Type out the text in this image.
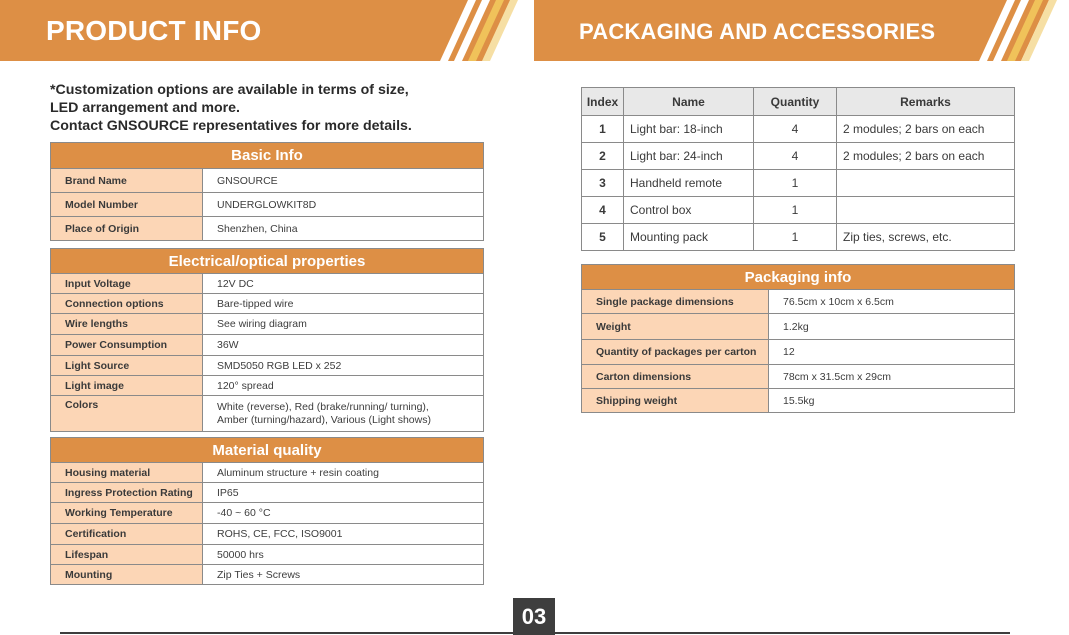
PRODUCT INFO	PACKAGING AND ACCESSORIES
*Customization options are available in terms of size,
LED arrangement and more.
Contact GNSOURCE representatives for more details.
Basic Info	
Brand Name	GNSOURCE
Model Number	UNDERGLOWKIT8D
Place of Origin	Shenzhen, China
Electrical/optical properties	
Input Voltage	12V DC
Connection options	Bare-tipped wire
Wire lengths	See wiring diagram
Power Consumption	36W
Light Source	SMD5050 RGB LED x 252
Light image	120° spread
Colors	White (reverse), Red (brake/running/ turning),
Amber (turning/hazard), Various (Light shows)
Material quality	
Housing material	Aluminum structure + resin coating
Ingress Protection Rating	IP65
Working Temperature	-40 ~ 60 °C
Certification	ROHS, CE, FCC, ISO9001
Lifespan	50000 hrs
Mounting	Zip Ties + Screws
Index	Name	Quantity	Remarks
1	Light bar: 18-inch	4	2 modules; 2 bars on each
2	Light bar: 24-inch	4	2 modules; 2 bars on each
3	Handheld remote	1	
4	Control box	1	
5	Mounting pack	1	Zip ties, screws, etc.
Packaging info	
Single package dimensions	76.5cm x 10cm x 6.5cm
Weight	1.2kg
Quantity of packages per carton	12
Carton dimensions	78cm x 31.5cm x 29cm
Shipping weight	15.5kg
03
